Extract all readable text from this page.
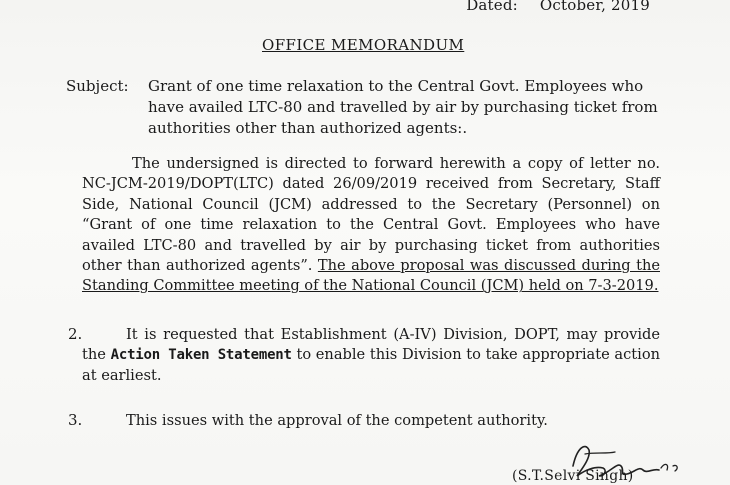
Dated: October, 2019
OFFICE MEMORANDUM
Subject:	Grant of one time relaxation to the Central Govt. Employees who have availed LTC-80 and travelled by air by purchasing ticket from authorities other than authorized agents:.
The undersigned is directed to forward herewith a copy of letter no. NC-JCM-2019/DOPT(LTC) dated 26/09/2019 received from Secretary, Staff Side, National Council (JCM) addressed to the Secretary (Personnel) on “Grant of one time relaxation to the Central Govt. Employees who have availed LTC-80 and travelled by air by purchasing ticket from authorities other than authorized agents”. The above proposal was discussed during the Standing Committee meeting of the National Council (JCM) held on 7-3-2019.
2.	It is requested that Establishment (A-IV) Division, DOPT, may provide the Action Taken Statement to enable this Division to take appropriate action at earliest.
3.	This issues with the approval of the competent authority.
(S.T.Selvi Singh)
